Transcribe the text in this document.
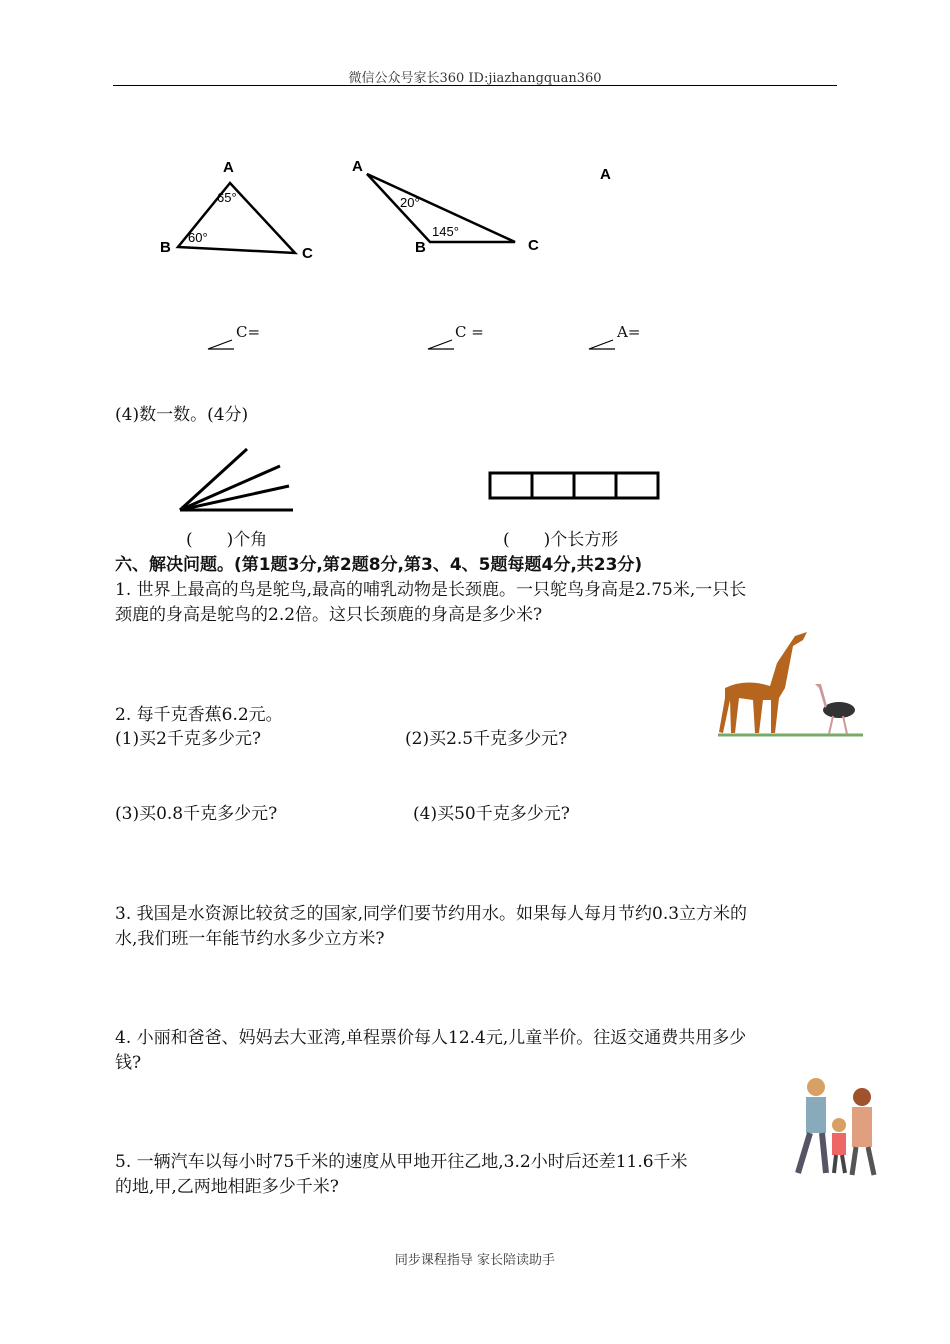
微信公众号家长360 ID:jiazhangquan360
A
B	C
65°
60°
A
B	C
20°
145°
A
C=	C =	A=
(4)数一数。(4分)
(　　)个角	(　　)个长方形
六、解决问题。(第1题3分,第2题8分,第3、4、5题每题4分,共23分)
1. 世界上最高的鸟是鸵鸟,最高的哺乳动物是长颈鹿。一只鸵鸟身高是2.75米,一只长
颈鹿的身高是鸵鸟的2.2倍。这只长颈鹿的身高是多少米?
2. 每千克香蕉6.2元。
(1)买2千克多少元?	(2)买2.5千克多少元?
(3)买0.8千克多少元?	(4)买50千克多少元?
3. 我国是水资源比较贫乏的国家,同学们要节约用水。如果每人每月节约0.3立方米的
水,我们班一年能节约水多少立方米?
4. 小丽和爸爸、妈妈去大亚湾,单程票价每人12.4元,儿童半价。往返交通费共用多少
钱?
5. 一辆汽车以每小时75千米的速度从甲地开往乙地,3.2小时后还差11.6千米
的地,甲,乙两地相距多少千米?
同步课程指导 家长陪读助手
